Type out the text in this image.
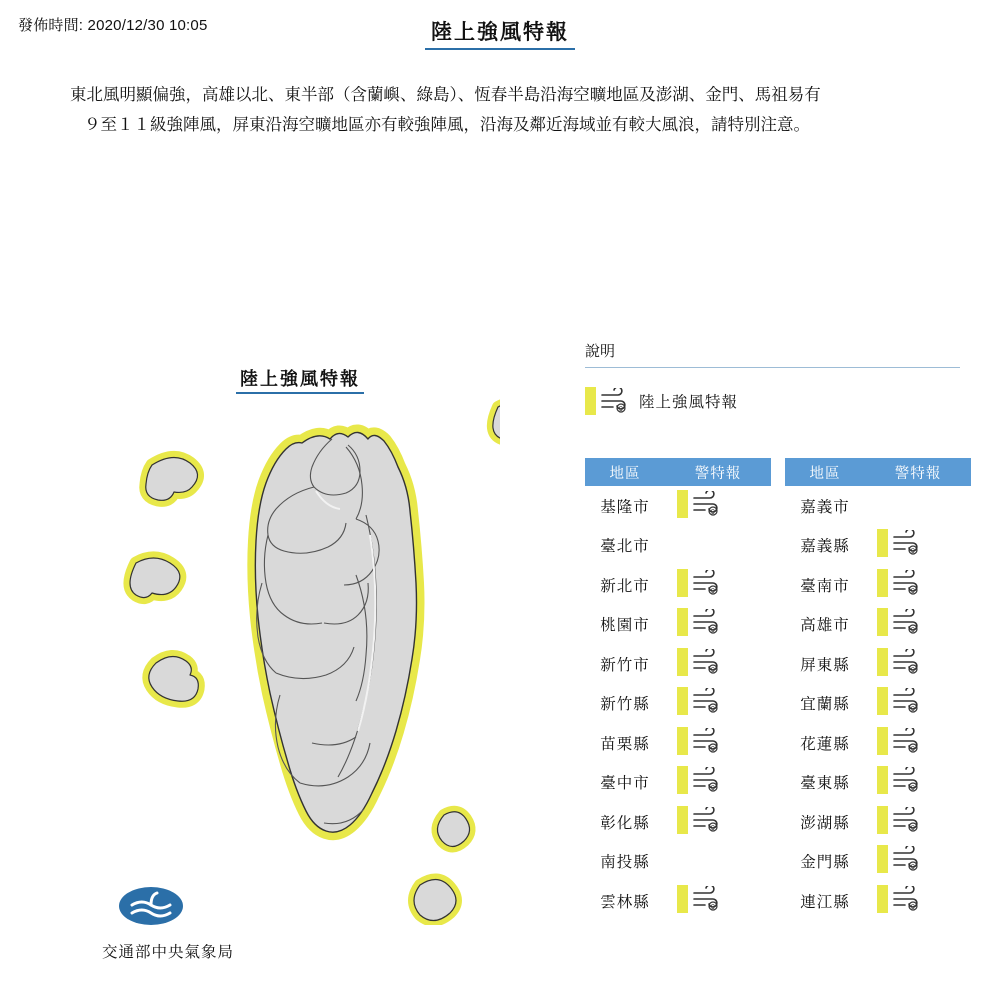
發佈時間: 2020/12/30 10:05	陸上強風特報
東北風明顯偏強，高雄以北、東半部（含蘭嶼、綠島）、恆春半島沿海空曠地區及澎湖、金門、馬祖易有
９至１１級強陣風，屏東沿海空曠地區亦有較強陣風，沿海及鄰近海域並有較大風浪，請特別注意。
陸上強風特報
交通部中央氣象局
說明
9 陸上強風特報
地區	警特報
基隆市	9

臺北市	
新北市	9

桃園市	9

新竹市	9

新竹縣	9

苗栗縣	9

臺中市	9

彰化縣	9

南投縣	
雲林縣	9
地區	警特報
嘉義市	
嘉義縣	9

臺南市	9

高雄市	9

屏東縣	9

宜蘭縣	9

花蓮縣	9

臺東縣	9

澎湖縣	9

金門縣	9

連江縣	9
